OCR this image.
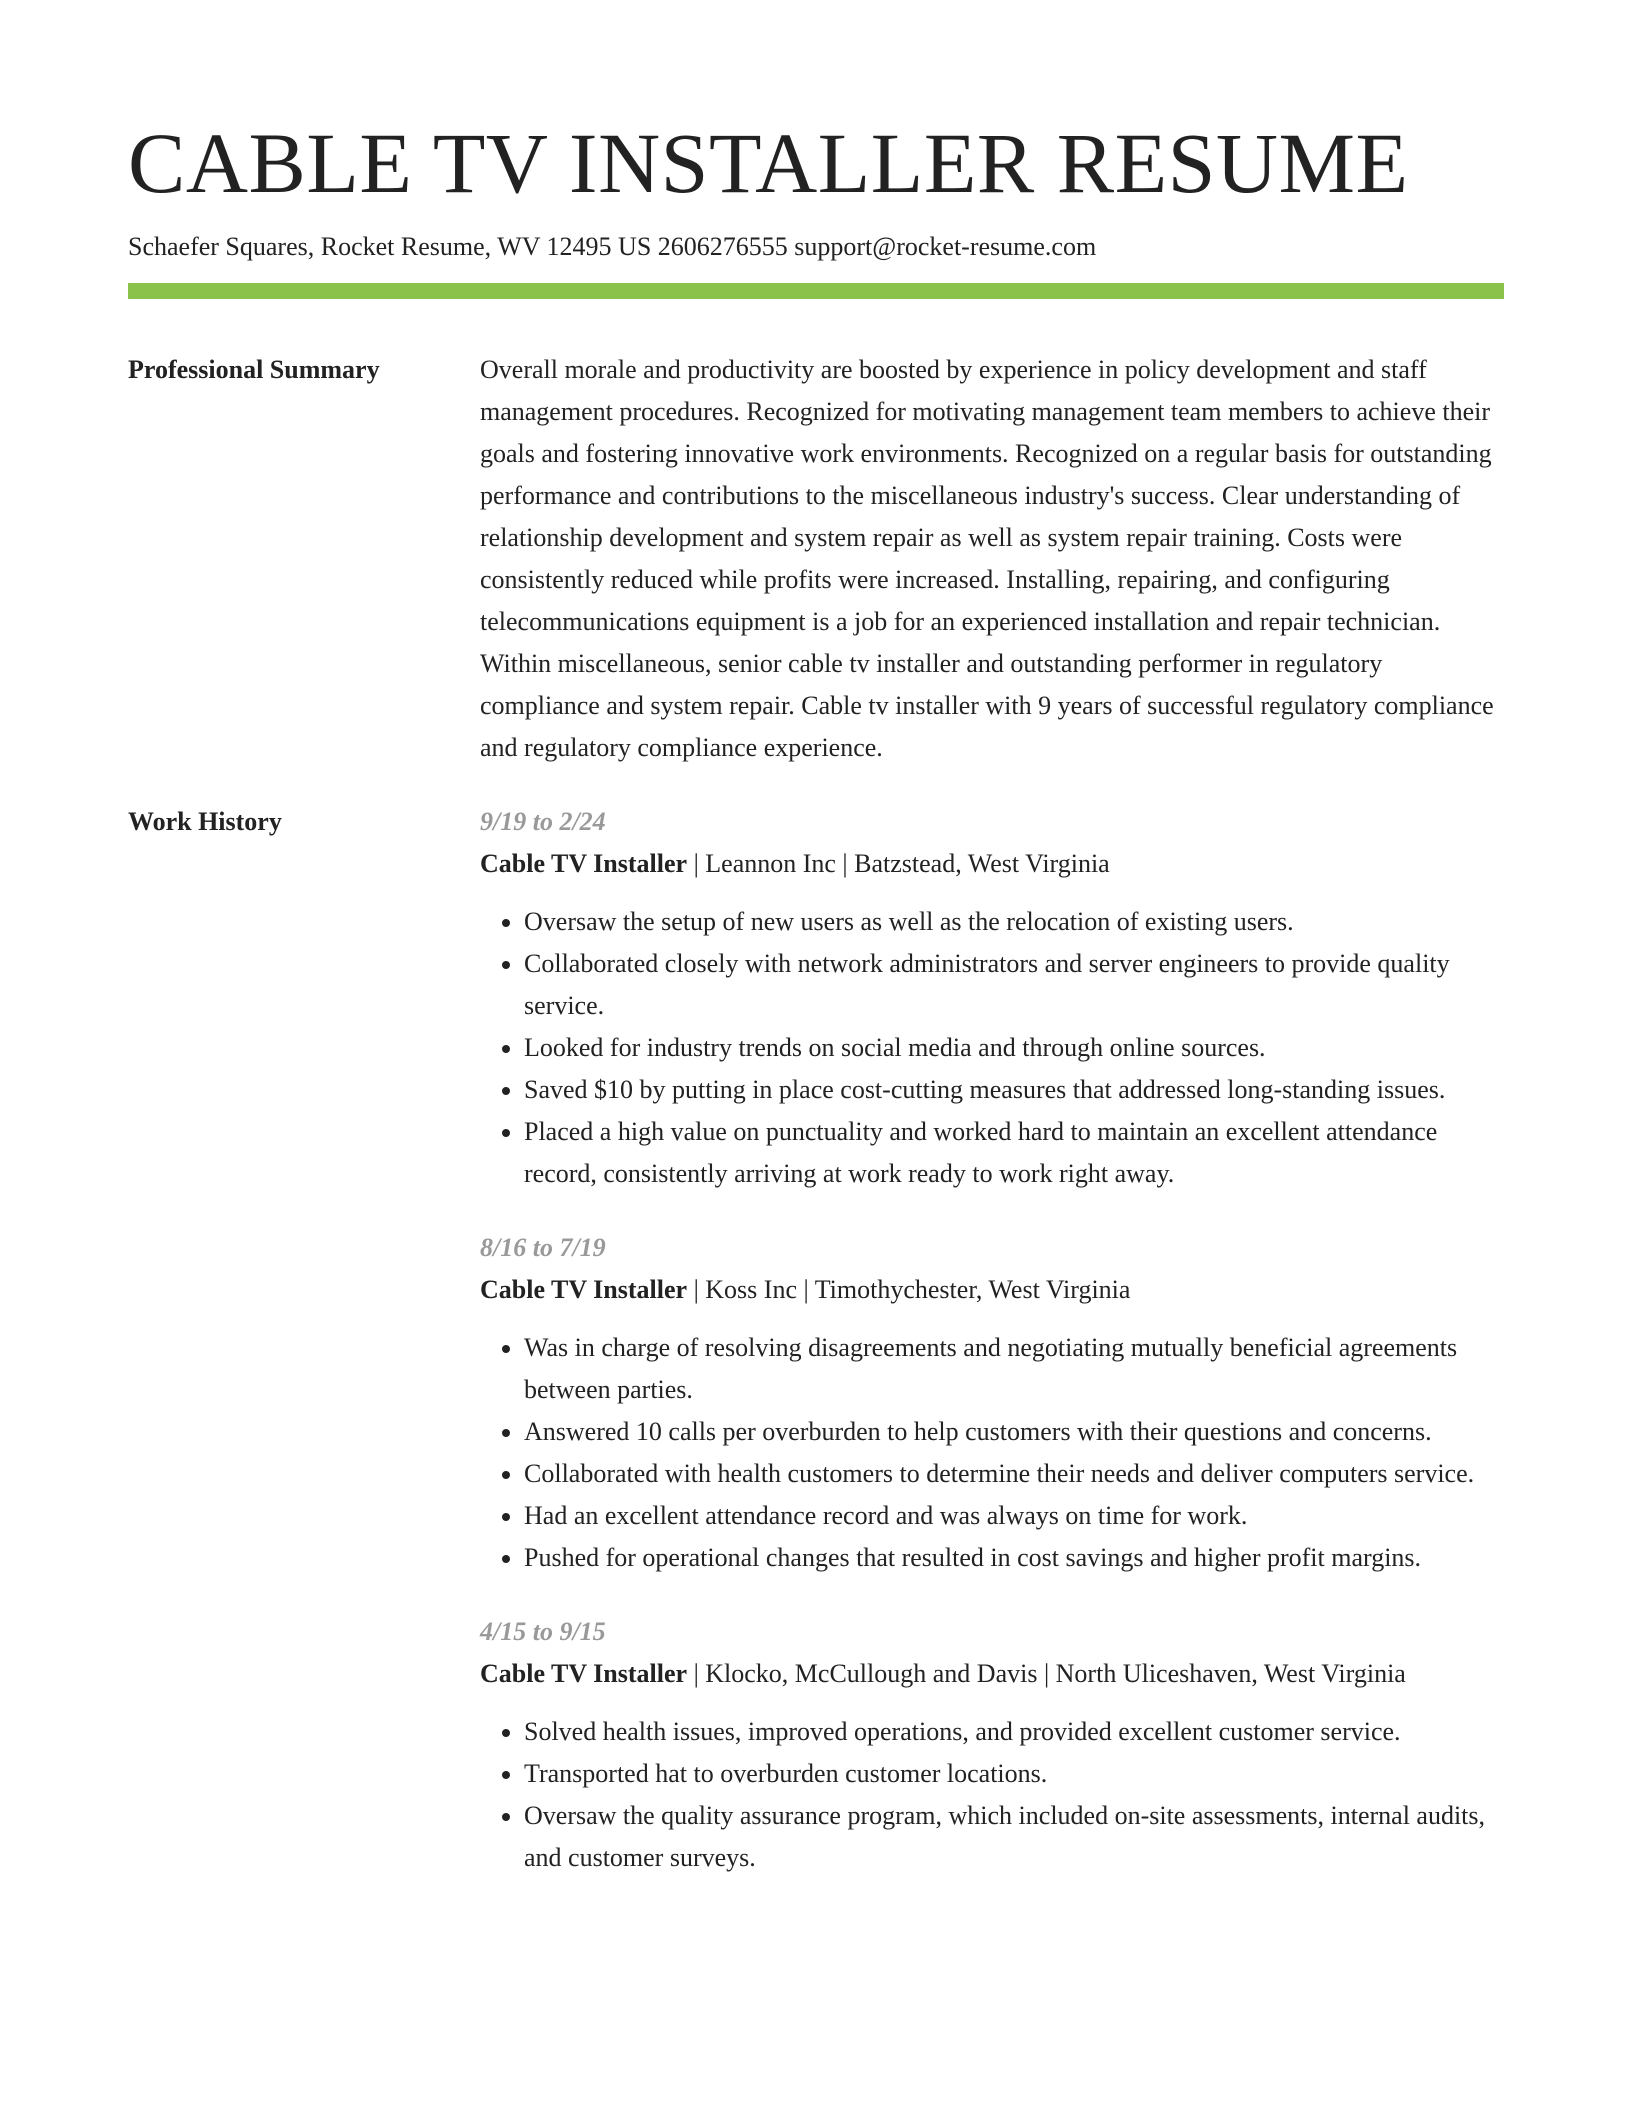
CABLE TV INSTALLER RESUME
Schaefer Squares, Rocket Resume, WV 12495 US 2606276555 support@rocket-resume.com
Professional Summary	Overall morale and productivity are boosted by experience in policy development and staff management procedures. Recognized for motivating management team members to achieve their goals and fostering innovative work environments. Recognized on a regular basis for outstanding performance and contributions to the miscellaneous industry's success. Clear understanding of relationship development and system repair as well as system repair training. Costs were consistently reduced while profits were increased. Installing, repairing, and configuring telecommunications equipment is a job for an experienced installation and repair technician. Within miscellaneous, senior cable tv installer and outstanding performer in regulatory compliance and system repair. Cable tv installer with 9 years of successful regulatory compliance and regulatory compliance experience.
Work History	9/19 to 2/24
Cable TV Installer | Leannon Inc | Batzstead, West Virginia
• Oversaw the setup of new users as well as the relocation of existing users.
• Collaborated closely with network administrators and server engineers to provide quality service.
• Looked for industry trends on social media and through online sources.
• Saved $10 by putting in place cost-cutting measures that addressed long-standing issues.
• Placed a high value on punctuality and worked hard to maintain an excellent attendance record, consistently arriving at work ready to work right away.
8/16 to 7/19
Cable TV Installer | Koss Inc | Timothychester, West Virginia
• Was in charge of resolving disagreements and negotiating mutually beneficial agreements between parties.
• Answered 10 calls per overburden to help customers with their questions and concerns.
• Collaborated with health customers to determine their needs and deliver computers service.
• Had an excellent attendance record and was always on time for work.
• Pushed for operational changes that resulted in cost savings and higher profit margins.
4/15 to 9/15
Cable TV Installer | Klocko, McCullough and Davis | North Uliceshaven, West Virginia
• Solved health issues, improved operations, and provided excellent customer service.
• Transported hat to overburden customer locations.
• Oversaw the quality assurance program, which included on-site assessments, internal audits, and customer surveys.
